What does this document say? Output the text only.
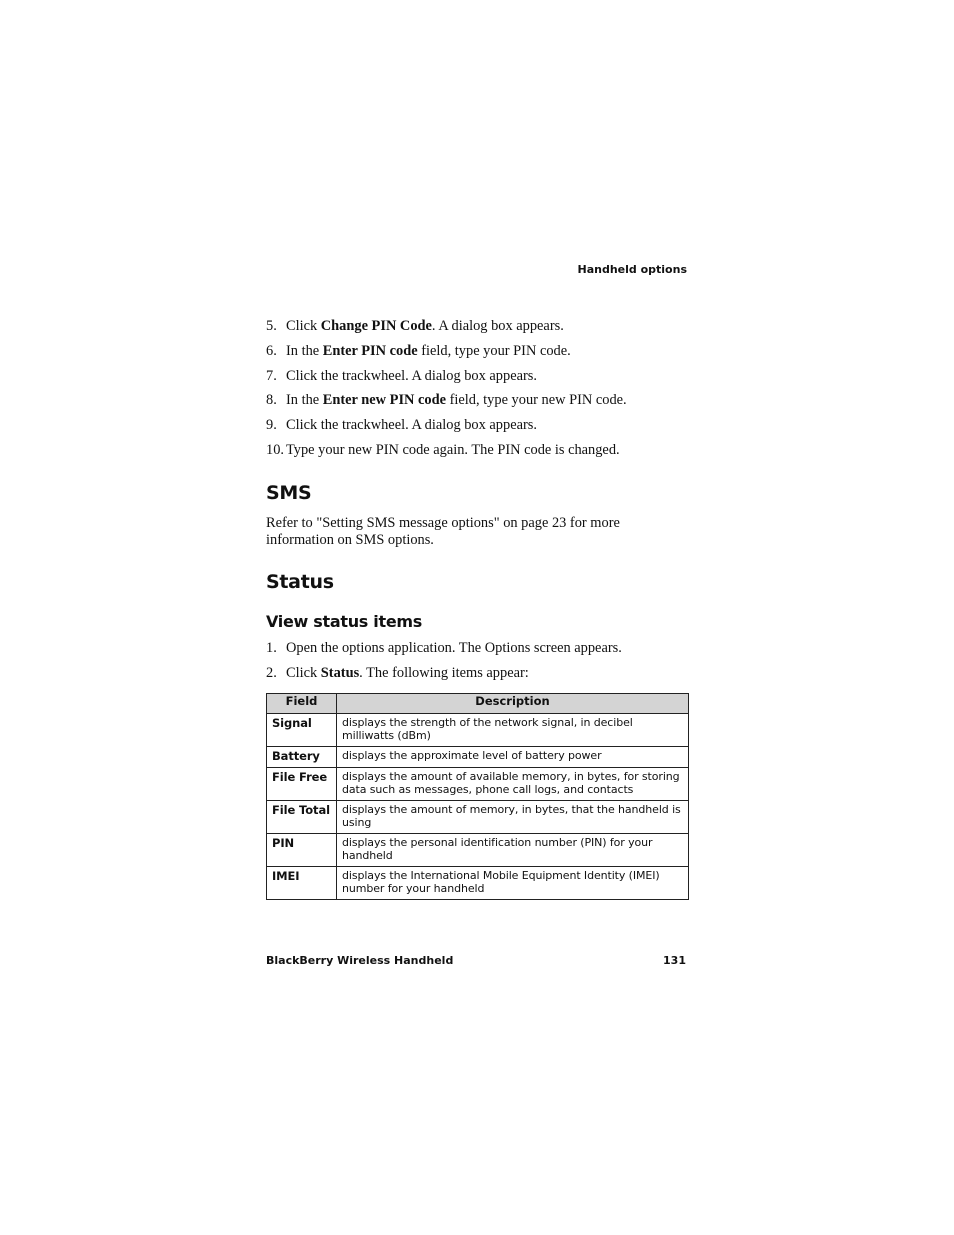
Handheld options
5. Click Change PIN Code. A dialog box appears.
6. In the Enter PIN code field, type your PIN code.
7. Click the trackwheel. A dialog box appears.
8. In the Enter new PIN code field, type your new PIN code.
9. Click the trackwheel. A dialog box appears.
10. Type your new PIN code again. The PIN code is changed.
SMS

Refer to "Setting SMS message options" on page 23 for more information on SMS options.

Status
View status items
1. Open the options application. The Options screen appears.
2. Click Status. The following items appear:
Field	Description
Signal	displays the strength of the network signal, in decibel milliwatts (dBm)
Battery	displays the approximate level of battery power
File Free	displays the amount of available memory, in bytes, for storing data such as messages, phone call logs, and contacts
File Total	displays the amount of memory, in bytes, that the handheld is using
PIN	displays the personal identification number (PIN) for your handheld
IMEI	displays the International Mobile Equipment Identity (IMEI) number for your handheld
BlackBerry Wireless Handheld	131
